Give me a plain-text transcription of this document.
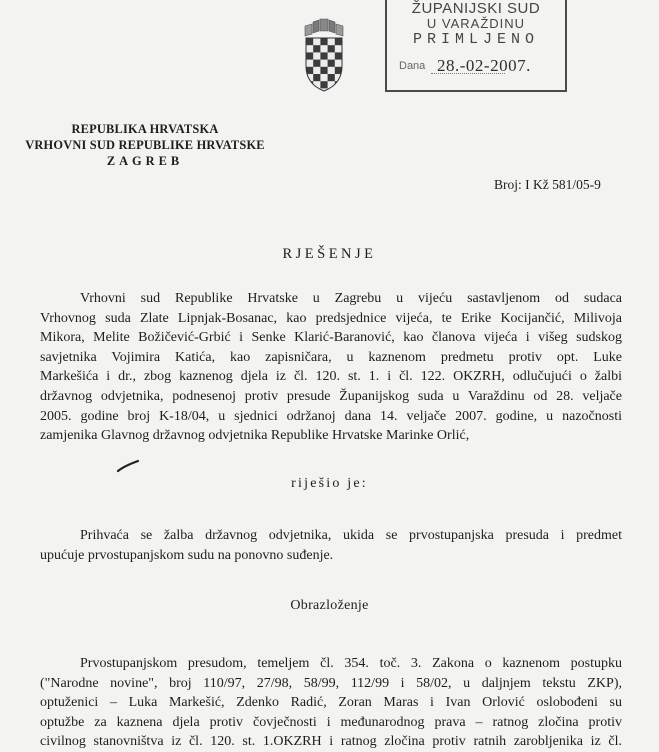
ŽUPANIJSKI SUD
U VARAŽDINU
PRIMLJENO
Dana 28.-02-2007.
REPUBLIKA HRVATSKA
VRHOVNI SUD REPUBLIKE HRVATSKE
ZAGREB
Broj: I Kž 581/05-9
RJEŠENJE
Vrhovni sud Republike Hrvatske u Zagrebu u vijeću sastavljenom od sudaca
Vrhovnog suda Zlate Lipnjak-Bosanac, kao predsjednice vijeća, te Erike Kocijančić, Milivoja
Mikora, Melite Božičević-Grbić i Senke Klarić-Baranović, kao članova vijeća i višeg sudskog
savjetnika Vojimira Katića, kao zapisničara, u kaznenom predmetu protiv opt. Luke
Markešića i dr., zbog kaznenog djela iz čl. 120. st. 1. i čl. 122. OKZRH, odlučujući o žalbi
državnog odvjetnika, podnesenoj protiv presude Županijskog suda u Varaždinu od 28. veljače
2005. godine broj K-18/04, u sjednici održanoj dana 14. veljače 2007. godine, u nazočnosti
zamjenika Glavnog državnog odvjetnika Republike Hrvatske Marinke Orlić,
riješio je:
Prihvaća se žalba državnog odvjetnika, ukida se prvostupanjska presuda i predmet
upućuje prvostupanjskom sudu na ponovno suđenje.
Obrazloženje
Prvostupanjskom presudom, temeljem čl. 354. toč. 3. Zakona o kaznenom postupku
("Narodne novine", broj 110/97, 27/98, 58/99, 112/99 i 58/02, u daljnjem tekstu ZKP),
optuženici – Luka Markešić, Zdenko Radić, Zoran Maras i Ivan Orlović oslobođeni su
optužbe za kaznena djela protiv čovječnosti i međunarodnog prava – ratnog zločina protiv
civilnog stanovništva iz čl. 120. st. 1.OKZRH i ratnog zločina protiv ratnih zarobljenika iz čl.
